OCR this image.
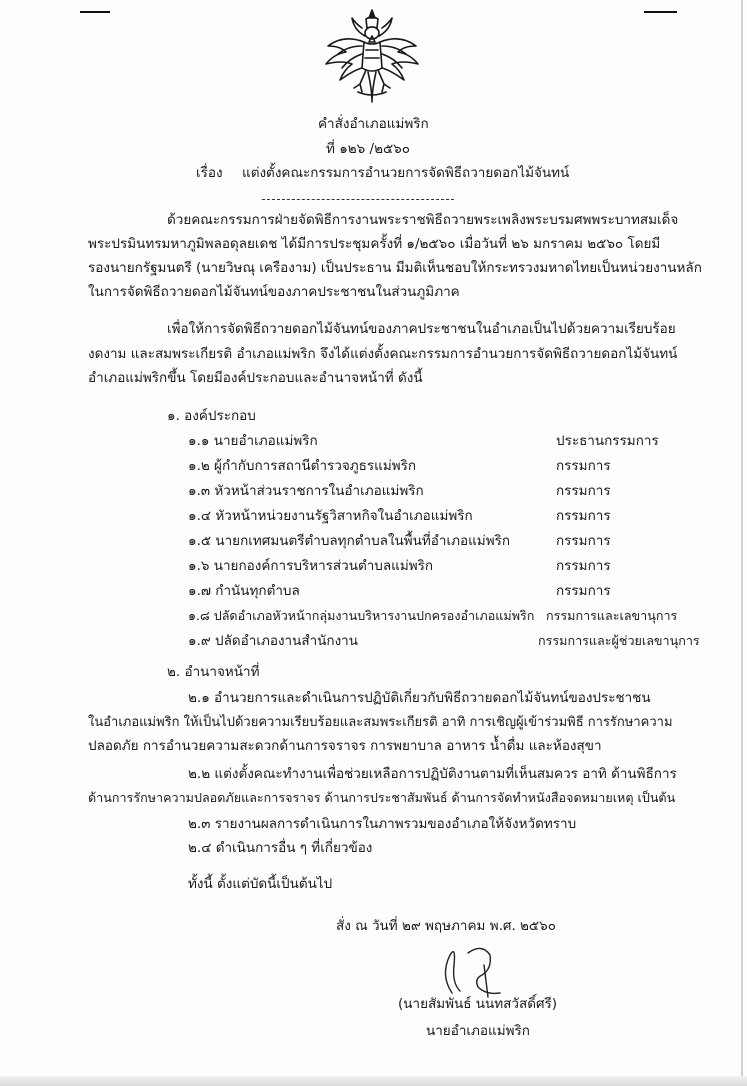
คำสั่งอำเภอแม่พริก
ที่ ๑๒๖ /๒๕๖๐
เรื่อง แต่งตั้งคณะกรรมการอำนวยการจัดพิธีถวายดอกไม้จันทน์
ด้วยคณะกรรมการฝ่ายจัดพิธีการงานพระราชพิธีถวายพระเพลิงพระบรมศพพระบาทสมเด็จ
พระปรมินทรมหาภูมิพลอดุลยเดช ได้มีการประชุมครั้งที่ ๑/๒๕๖๐ เมื่อวันที่ ๒๖ มกราคม ๒๕๖๐ โดยมี
รองนายกรัฐมนตรี (นายวิษณุ เครืองาม) เป็นประธาน มีมติเห็นชอบให้กระทรวงมหาดไทยเป็นหน่วยงานหลัก
ในการจัดพิธีถวายดอกไม้จันทน์ของภาคประชาชนในส่วนภูมิภาค
เพื่อให้การจัดพิธีถวายดอกไม้จันทน์ของภาคประชาชนในอำเภอเป็นไปด้วยความเรียบร้อย
งดงาม และสมพระเกียรติ อำเภอแม่พริก จึงได้แต่งตั้งคณะกรรมการอำนวยการจัดพิธีถวายดอกไม้จันทน์
อำเภอแม่พริกขึ้น โดยมีองค์ประกอบและอำนาจหน้าที่ ดังนี้
๑. องค์ประกอบ
๑.๑ นายอำเภอแม่พริก	ประธานกรรมการ
๑.๒ ผู้กำกับการสถานีตำรวจภูธรแม่พริก	กรรมการ
๑.๓ หัวหน้าส่วนราชการในอำเภอแม่พริก	กรรมการ
๑.๔ หัวหน้าหน่วยงานรัฐวิสาหกิจในอำเภอแม่พริก	กรรมการ
๑.๕ นายกเทศมนตรีตำบลทุกตำบลในพื้นที่อำเภอแม่พริก	กรรมการ
๑.๖ นายกองค์การบริหารส่วนตำบลแม่พริก	กรรมการ
๑.๗ กำนันทุกตำบล	กรรมการ
๑.๘ ปลัดอำเภอหัวหน้ากลุ่มงานบริหารงานปกครองอำเภอแม่พริก กรรมการและเลขานุการ
๑.๙ ปลัดอำเภองานสำนักงาน	กรรมการและผู้ช่วยเลขานุการ
๒. อำนาจหน้าที่
๒.๑ อำนวยการและดำเนินการปฏิบัติเกี่ยวกับพิธีถวายดอกไม้จันทน์ของประชาชน
ในอำเภอแม่พริก ให้เป็นไปด้วยความเรียบร้อยและสมพระเกียรติ อาทิ การเชิญผู้เข้าร่วมพิธี การรักษาความ
ปลอดภัย การอำนวยความสะดวกด้านการจราจร การพยาบาล อาหาร น้ำดื่ม และห้องสุขา
๒.๒ แต่งตั้งคณะทำงานเพื่อช่วยเหลือการปฏิบัติงานตามที่เห็นสมควร อาทิ ด้านพิธีการ
ด้านการรักษาความปลอดภัยและการจราจร ด้านการประชาสัมพันธ์ ด้านการจัดทำหนังสือจดหมายเหตุ เป็นต้น
๒.๓ รายงานผลการดำเนินการในภาพรวมของอำเภอให้จังหวัดทราบ
๒.๔ ดำเนินการอื่น ๆ ที่เกี่ยวข้อง
ทั้งนี้ ตั้งแต่บัดนี้เป็นต้นไป
สั่ง ณ วันที่ ๒๙ พฤษภาคม พ.ศ. ๒๕๖๐
(นายสัมพันธ์ นนทสวัสดิ์ศรี)
นายอำเภอแม่พริก
